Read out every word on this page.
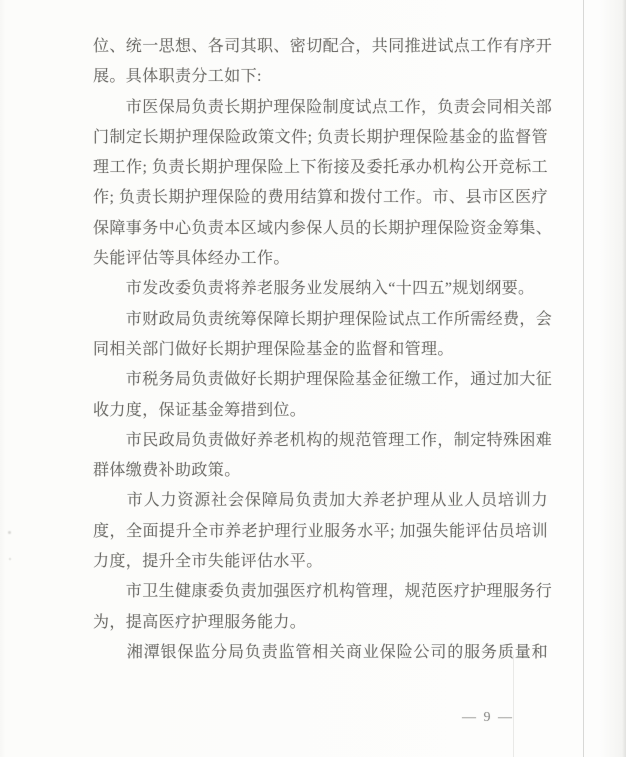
位、统一思想、各司其职、密切配合，共同推进试点工作有序开
展。具体职责分工如下:
　　市医保局负责长期护理保险制度试点工作，负责会同相关部
门制定长期护理保险政策文件; 负责长期护理保险基金的监督管
理工作; 负责长期护理保险上下衔接及委托承办机构公开竞标工
作; 负责长期护理保险的费用结算和拨付工作。市、县市区医疗
保障事务中心负责本区域内参保人员的长期护理保险资金筹集、
失能评估等具体经办工作。
　　市发改委负责将养老服务业发展纳入“十四五”规划纲要。
　　市财政局负责统筹保障长期护理保险试点工作所需经费，会
同相关部门做好长期护理保险基金的监督和管理。
　　市税务局负责做好长期护理保险基金征缴工作，通过加大征
收力度，保证基金筹措到位。
　　市民政局负责做好养老机构的规范管理工作，制定特殊困难
群体缴费补助政策。
　　市人力资源社会保障局负责加大养老护理从业人员培训力
度，全面提升全市养老护理行业服务水平; 加强失能评估员培训
力度，提升全市失能评估水平。
　　市卫生健康委负责加强医疗机构管理，规范医疗护理服务行
为，提高医疗护理服务能力。
　　湘潭银保监分局负责监管相关商业保险公司的服务质量和
— 9 —
